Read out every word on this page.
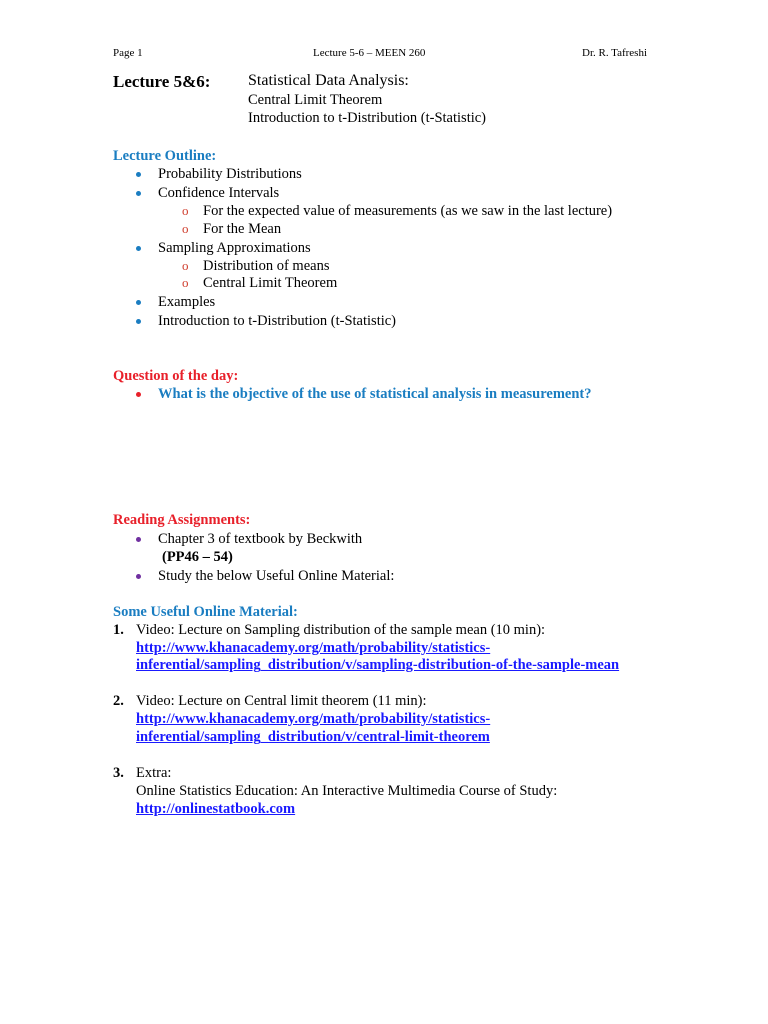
Page 1	Lecture 5-6 – MEEN 260	Dr. R. Tafreshi
Lecture 5&6: Statistical Data Analysis:
Central Limit Theorem
Introduction to t-Distribution (t-Statistic)
Lecture Outline:
Probability Distributions
Confidence Intervals
o For the expected value of measurements (as we saw in the last lecture)
o For the Mean
Sampling Approximations
o Distribution of means
o Central Limit Theorem
Examples
Introduction to t-Distribution (t-Statistic)
Question of the day:
What is the objective of the use of statistical analysis in measurement?
Reading Assignments:
Chapter 3 of textbook by Beckwith
(PP46 – 54)
Study the below Useful Online Material:
Some Useful Online Material:
1. Video: Lecture on Sampling distribution of the sample mean (10 min):
http://www.khanacademy.org/math/probability/statistics-
inferential/sampling_distribution/v/sampling-distribution-of-the-sample-mean
2. Video: Lecture on Central limit theorem (11 min):
http://www.khanacademy.org/math/probability/statistics-
inferential/sampling_distribution/v/central-limit-theorem
3. Extra:
Online Statistics Education: An Interactive Multimedia Course of Study:
http://onlinestatbook.com
